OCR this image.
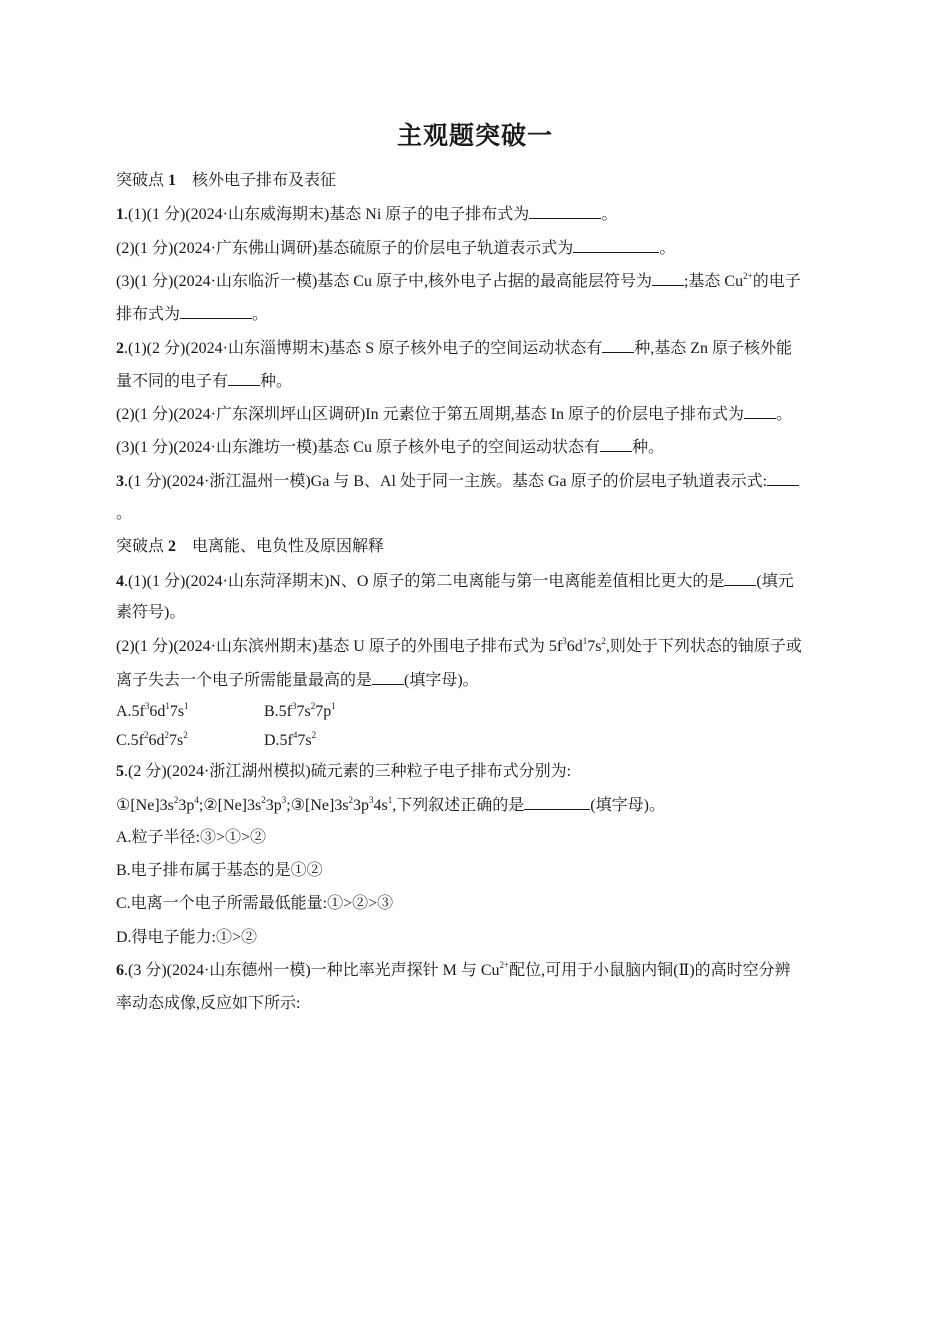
主观题突破一
突破点 1 核外电子排布及表征
1.(1)(1 分)(2024·山东威海期末)基态 Ni 原子的电子排布式为	。
(2)(1 分)(2024·广东佛山调研)基态硫原子的价层电子轨道表示式为	。
(3)(1 分)(2024·山东临沂一模)基态 Cu 原子中,核外电子占据的最高能层符号为 ;基态 $Cu^{2+}$的电子
排布式为	。
2.(1)(2 分)(2024·山东淄博期末)基态 S 原子核外电子的空间运动状态有 种,基态 Zn 原子核外能
量不同的电子有 种。
(2)(1 分)(2024·广东深圳坪山区调研)In 元素位于第五周期,基态 In 原子的价层电子排布式为 。
(3)(1 分)(2024·山东潍坊一模)基态 Cu 原子核外电子的空间运动状态有 种。
3.(1 分)(2024·浙江温州一模)Ga 与 B、Al 处于同一主族。基态 Ga 原子的价层电子轨道表示式:
。
突破点 2 电离能、电负性及原因解释
4.(1)(1 分)(2024·山东菏泽期末)N、O 原子的第二电离能与第一电离能差值相比更大的是 (填元
素符号)。
(2)(1 分)(2024·山东滨州期末)基态 U 原子的外围电子排布式为 $5f^36d^17s^2$,则处于下列状态的铀原子或
离子失去一个电子所需能量最高的是 (填字母)。
$A.5f^36d^17s^1$	$B.5f^37s^27p^1$
$C.5f^26d^27s^2$	$D.5f^47s^2$
5.(2 分)(2024·浙江湖州模拟)硫元素的三种粒子电子排布式分别为:
$①[Ne]3s^23p^4;②[Ne]3s^23p^3;③[Ne]3s^23p^34s^1$,下列叙述正确的是	(填字母)。
A.粒子半径:③>①>②
B.电子排布属于基态的是①②
C.电离一个电子所需最低能量:①>②>③
D.得电子能力:①>②
6.(3 分)(2024·山东德州一模)一种比率光声探针 M 与 $Cu^{2+}$配位,可用于小鼠脑内铜(Ⅱ)的高时空分辨
率动态成像,反应如下所示:
